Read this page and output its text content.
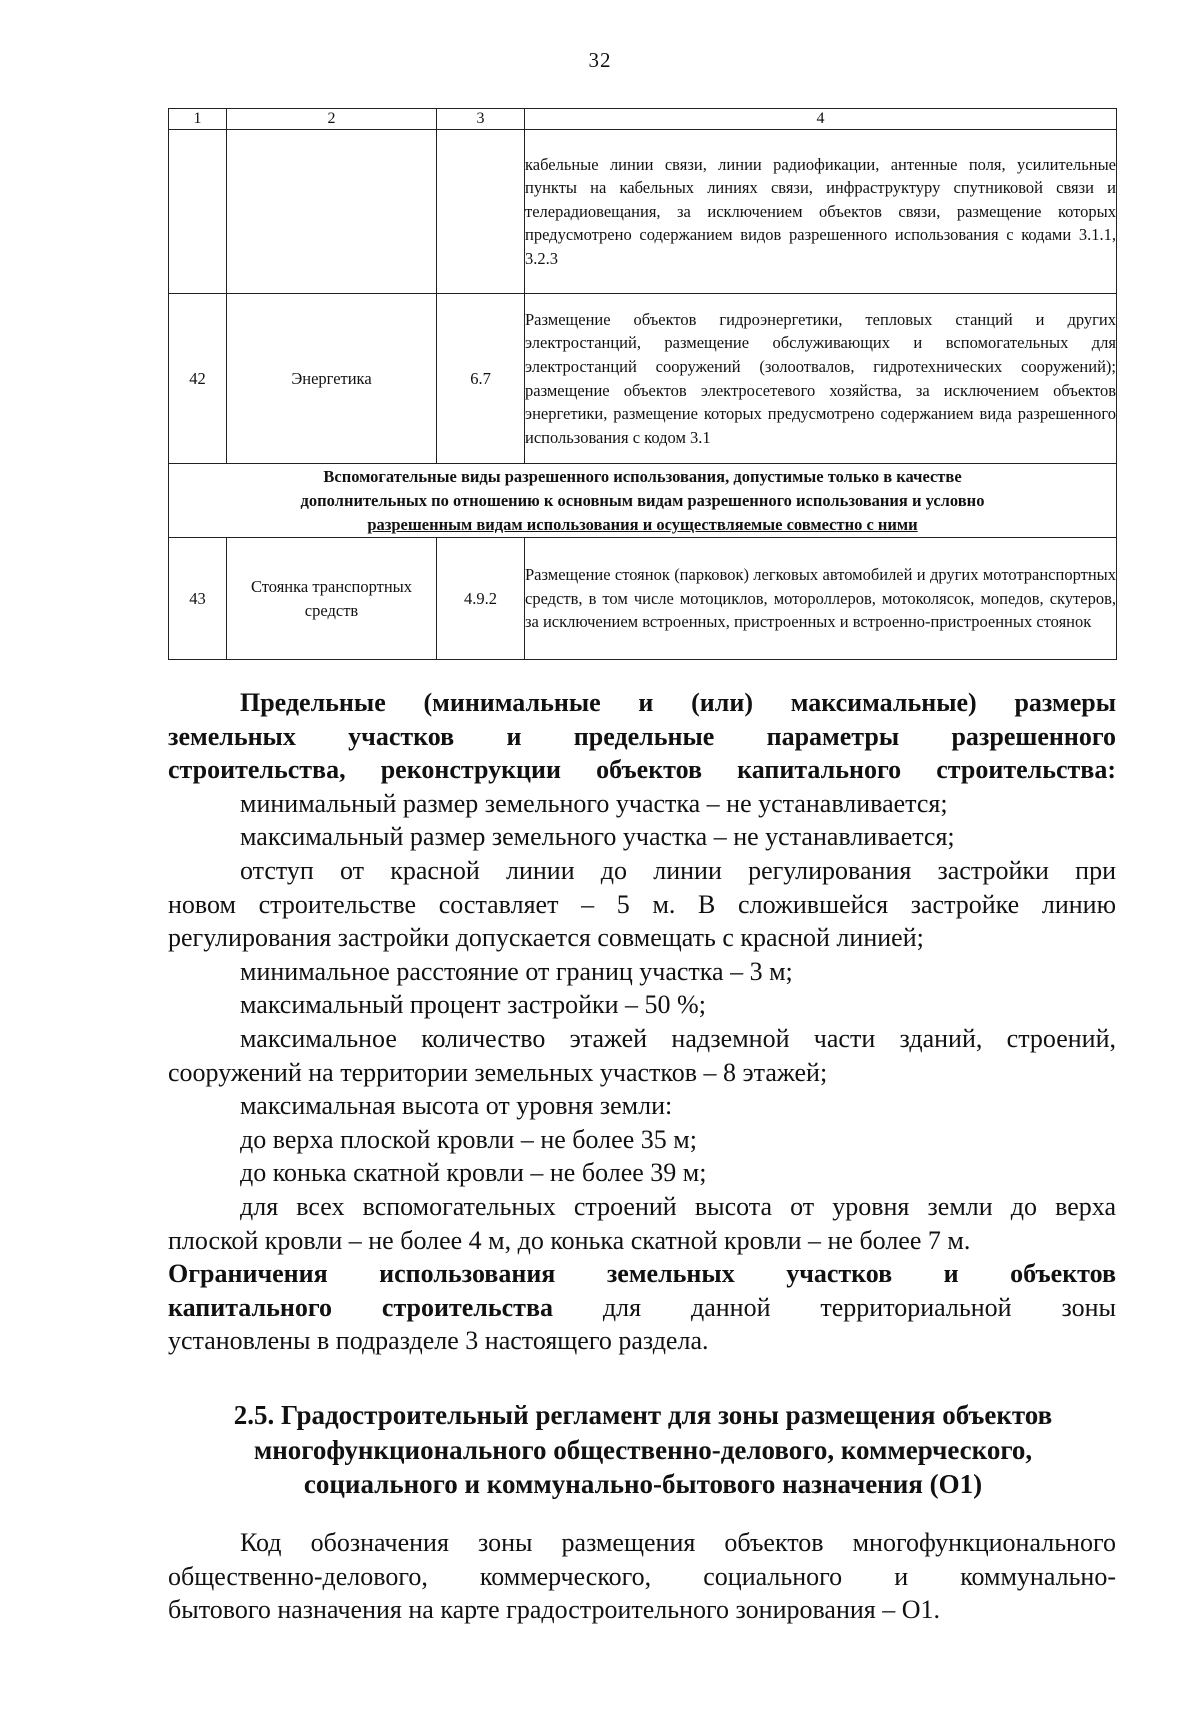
32
1	2	3	4
			кабельные линии связи, линии радиофикации, антенные поля, усилительные пункты на кабельных линиях связи, инфраструктуру спутниковой связи и телерадиовещания, за исключением объектов связи, размещение которых предусмотрено содержанием видов разрешенного использования с кодами 3.1.1, 3.2.3
42	Энергетика	6.7	Размещение объектов гидроэнергетики, тепловых станций и других электростанций, размещение обслуживающих и вспомогательных для электростанций сооружений (золоотвалов, гидротехнических сооружений); размещение объектов электросетевого хозяйства, за исключением объектов энергетики, размещение которых предусмотрено содержанием вида разрешенного использования с кодом 3.1

Вспомогательные виды разрешенного использования, допустимые только в качестве
дополнительных по отношению к основным видам разрешенного использования и условно
разрешенным видам использования и осуществляемые совместно с ними			

43	Стоянка транспортных средств	4.9.2	Размещение стоянок (парковок) легковых автомобилей и других мототранспортных средств, в том числе мотоциклов, мотороллеров, мотоколясок, мопедов, скутеров, за исключением встроенных, пристроенных и встроенно-пристроенных стоянок

Предельные (минимальные и (или) максимальные) размеры

земельных участков и предельные параметры разрешенного

строительства, реконструкции объектов капитального строительства:

минимальный размер земельного участка – не устанавливается;

максимальный размер земельного участка – не устанавливается;

отступ от красной линии до линии регулирования застройки при

новом строительстве составляет – 5 м. В сложившейся застройке линию

регулирования застройки допускается совмещать с красной линией;

минимальное расстояние от границ участка – 3 м;

максимальный процент застройки – 50 %;

максимальное количество этажей надземной части зданий, строений,

сооружений на территории земельных участков – 8 этажей;

максимальная высота от уровня земли:

до верха плоской кровли – не более 35 м;

до конька скатной кровли – не более 39 м;

для всех вспомогательных строений высота от уровня земли до верха

плоской кровли – не более 4 м, до конька скатной кровли – не более 7 м.

Ограничения использования земельных участков и объектов

капитального строительства для данной территориальной зоны

установлены в подразделе 3 настоящего раздела.

2.5. Градостроительный регламент для зоны размещения объектов
многофункционального общественно-делового, коммерческого,
социального и коммунально-бытового назначения (О1)

Код обозначения зоны размещения объектов многофункционального

общественно-делового, коммерческого, социального и коммунально-

бытового назначения на карте градостроительного зонирования – О1.
